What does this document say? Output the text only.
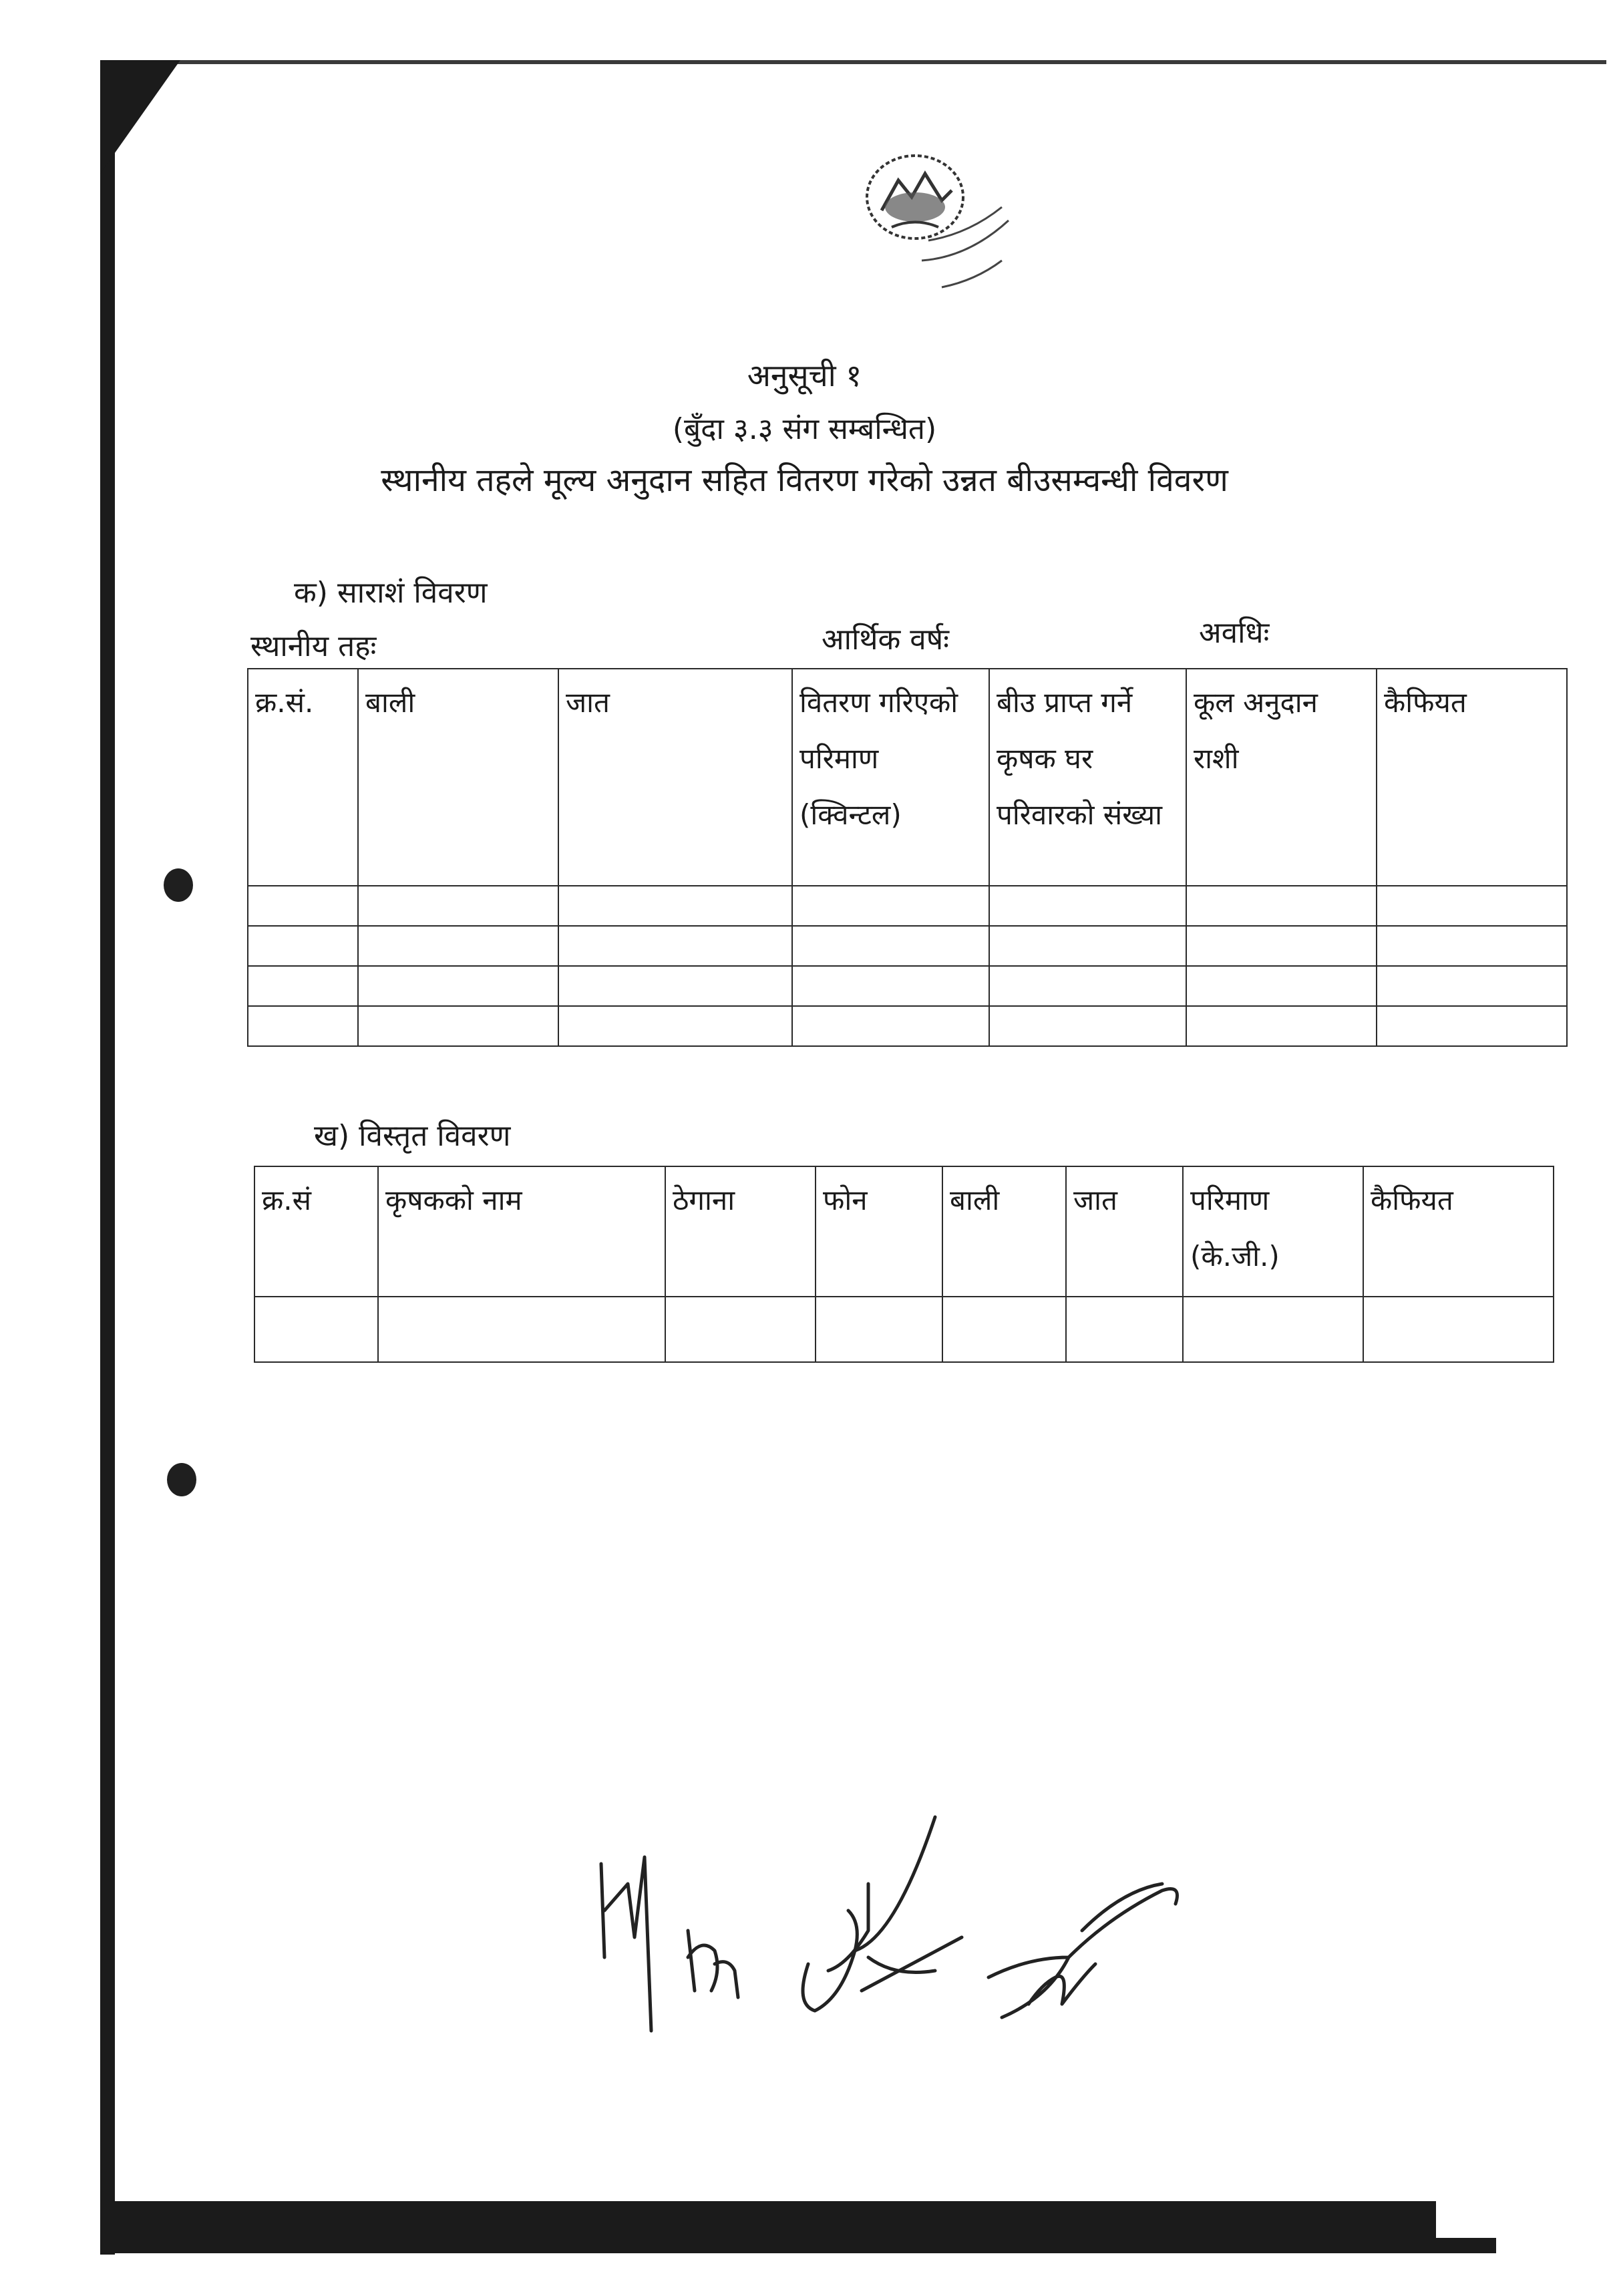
अनुसूची १
(बुँदा ३.३ संग सम्बन्धित)
स्थानीय तहले मूल्य अनुदान सहित वितरण गरेको उन्नत बीउसम्वन्धी विवरण
क) साराशं विवरण
स्थानीय तहः	आर्थिक वर्षः	अवधिः
क्र.सं.	बाली	जात	वितरण गरिएको परिमाण (क्विन्टल)	बीउ प्राप्त गर्ने कृषक घर परिवारको संख्या	कूल अनुदान राशी	कैफियत

ख) विस्तृत विवरण
क्र.सं	कृषकको नाम	ठेगाना	फोन	बाली	जात	परिमाण (के.जी.)	कैफियत
